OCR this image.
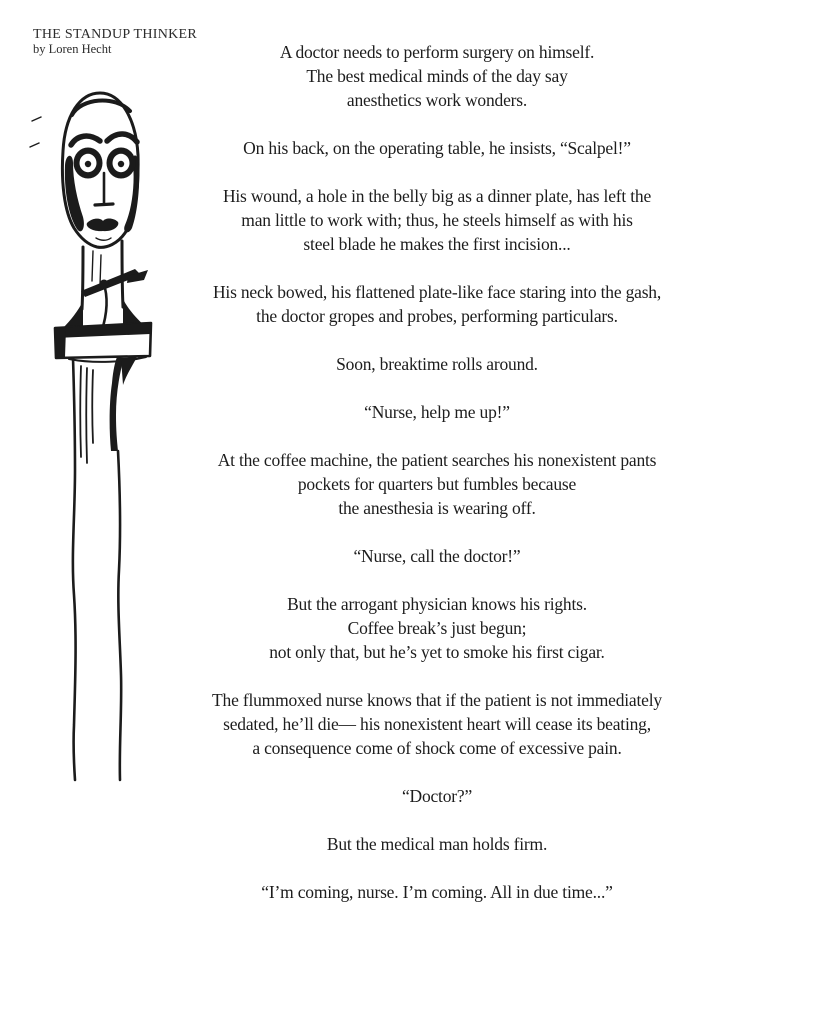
THE STANDUP THINKER
by Loren Hecht	A doctor needs to perform surgery on himself.
The best medical minds of the day say
anesthetics work wonders.
On his back, on the operating table, he insists, “Scalpel!”
His wound, a hole in the belly big as a dinner plate, has left the
man little to work with; thus, he steels himself as with his
steel blade he makes the first incision...
His neck bowed, his flattened plate-like face staring into the gash,
the doctor gropes and probes, performing particulars.
Soon, breaktime rolls around.
“Nurse, help me up!”
At the coffee machine, the patient searches his nonexistent pants
pockets for quarters but fumbles because
the anesthesia is wearing off.
“Nurse, call the doctor!”
But the arrogant physician knows his rights.
Coffee break’s just begun;
not only that, but he’s yet to smoke his first cigar.
The flummoxed nurse knows that if the patient is not immediately
sedated, he’ll die— his nonexistent heart will cease its beating,
a consequence come of shock come of excessive pain.
“Doctor?”
But the medical man holds firm.
“I’m coming, nurse. I’m coming. All in due time...”
